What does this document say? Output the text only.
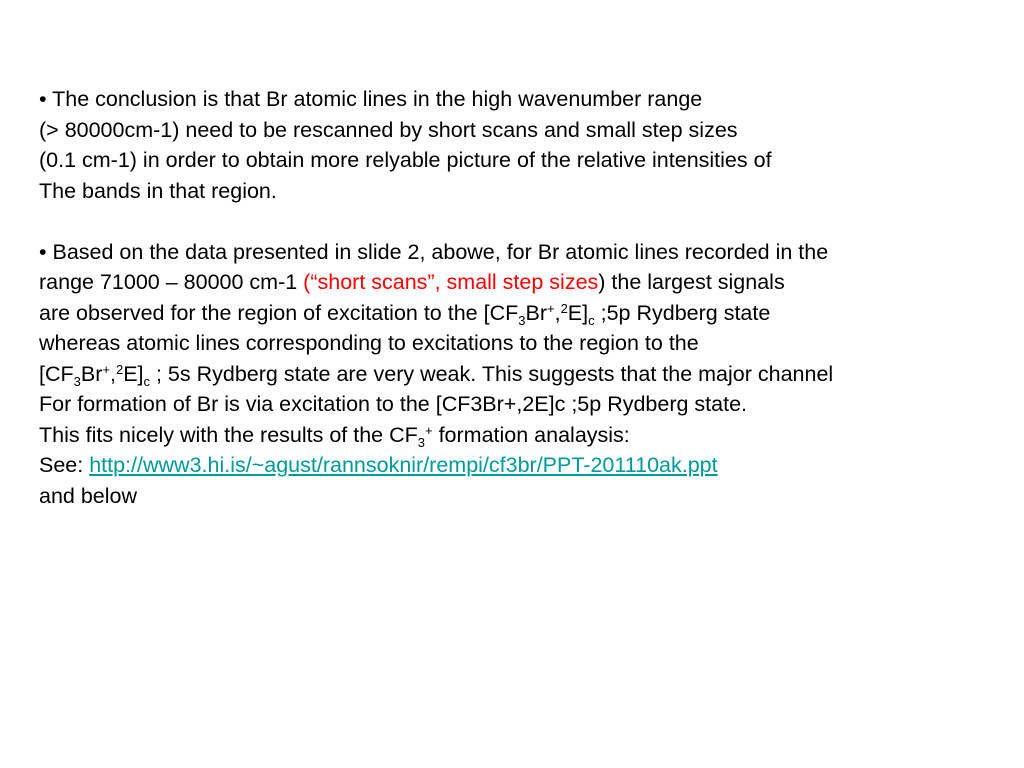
• The conclusion is that Br atomic lines in the high wavenumber range
(> 80000cm-1) need to be rescanned by short scans and small step sizes
(0.1 cm-1) in order to obtain more relyable picture of the relative intensities of
The bands in that region.
• Based on the data presented in slide 2, abowe, for Br atomic lines recorded in the
range 71000 – 80000 cm-1 (“short scans”, small step sizes) the largest signals
are observed for the region of excitation to the $[CF_3Br^+,^2E]_c$ ;5p Rydberg state
whereas atomic lines corresponding to excitations to the region to the
$[CF_3Br^+,^2E]_c$ ; 5s Rydberg state are very weak. This suggests that the major channel
For formation of Br is via excitation to the [CF3Br+,2E]c ;5p Rydberg state.
This fits nicely with the results of the $CF_3^+$ formation analaysis:
See: http://www3.hi.is/~agust/rannsoknir/rempi/cf3br/PPT-201110ak.ppt
and below
